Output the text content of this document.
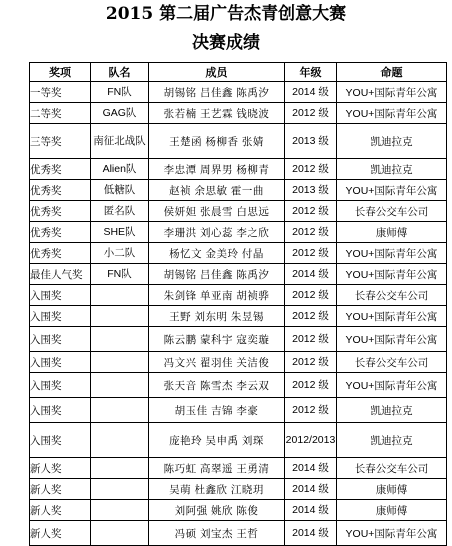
2015 第二届广告杰青创意大赛
决赛成绩
奖项	队名	成员	年级	命题
一等奖	FN队	胡锡铭 吕佳鑫 陈禹汐	2014 级	YOU+国际青年公寓
二等奖	GAG队	张若楠 王艺霖 钱晓波	2012 级	YOU+国际青年公寓
三等奖	南征北战队	王楚函 杨柳香 张婧	2013 级	凯迪拉克
优秀奖	Alien队	李忠潭 周界男 杨柳青	2012 级	凯迪拉克
优秀奖	低糖队	赵祯 余思敏 霍一曲	2013 级	YOU+国际青年公寓
优秀奖	匿名队	侯妍妲 张晨雪 白思远	2012 级	长春公交车公司
优秀奖	SHE队	李珊洪 刘心蕊 李之欣	2012 级	康师傅
优秀奖	小二队	杨忆文 金美玲 付晶	2012 级	YOU+国际青年公寓
最佳人气奖	FN队	胡锡铭 吕佳鑫 陈禹汐	2014 级	YOU+国际青年公寓
入围奖		朱剑锋 单亚南 胡祯骅	2012 级	长春公交车公司
入围奖		王野 刘东明 朱昱锡	2012 级	YOU+国际青年公寓
入围奖		陈云鹏 蒙科宇 寇奕璇	2012 级	YOU+国际青年公寓
入围奖		冯文兴 翟羽佳 关洁俊	2012 级	长春公交车公司
入围奖		张天音 陈雪杰 李云双	2012 级	YOU+国际青年公寓
入围奖		胡玉佳 吉锦 李豪	2012 级	凯迪拉克
入围奖		庞艳玲 吴申禹 刘琛	2012/2013	凯迪拉克
新人奖		陈巧虹 高翠遥 王勇清	2014 级	长春公交车公司
新人奖		吴萌 杜鑫欣 江晓玥	2014 级	康师傅
新人奖		刘阿强 姚欣 陈俊	2014 级	康师傅
新人奖		冯硕 刘宝杰 王哲	2014 级	YOU+国际青年公寓
